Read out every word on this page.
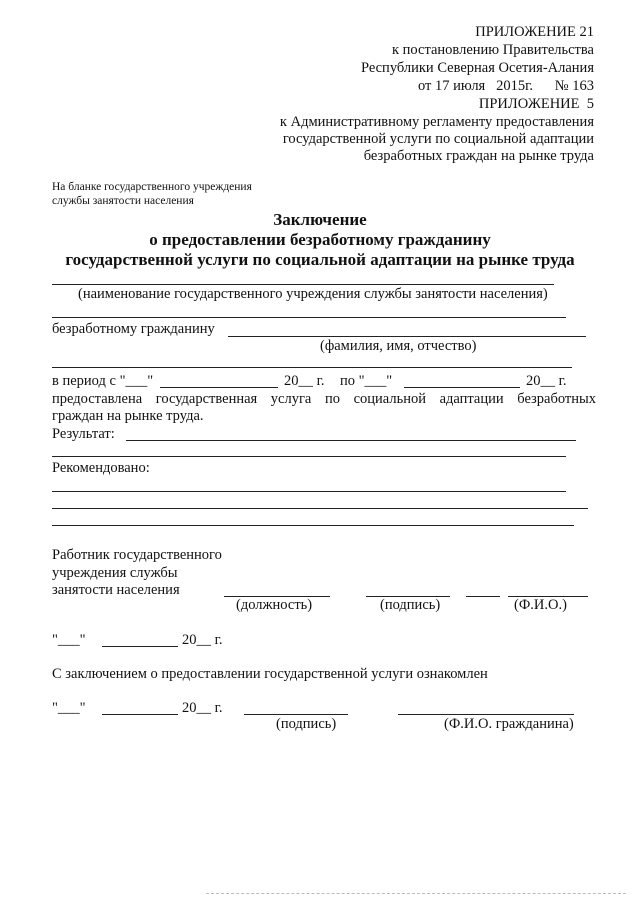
ПРИЛОЖЕНИЕ 21
к постановлению Правительства
Республики Северная Осетия-Алания
от 17 июля   2015г.      № 163
ПРИЛОЖЕНИЕ  5
к Административному регламенту предоставления
государственной услуги по социальной адаптации
безработных граждан на рынке труда
На бланке государственного учреждения
службы занятости населения
Заключение
о предоставлении безработному гражданину
государственной услуги по социальной адаптации на рынке труда
(наименование государственного учреждения службы занятости населения)
безработному гражданину
(фамилия, имя, отчество)
в период с "___"	20__ г. по "___"	20__ г.
предоставлена государственная услуга по социальной адаптации безработных
граждан на рынке труда.
Результат:
Рекомендовано:
Работник государственного
учреждения службы
занятости населения
(должность)	(подпись)	(Ф.И.О.)
"___"	20__ г.
С заключением о предоставлении государственной услуги ознакомлен
"___"	20__ г.
(подпись)	(Ф.И.О. гражданина)
